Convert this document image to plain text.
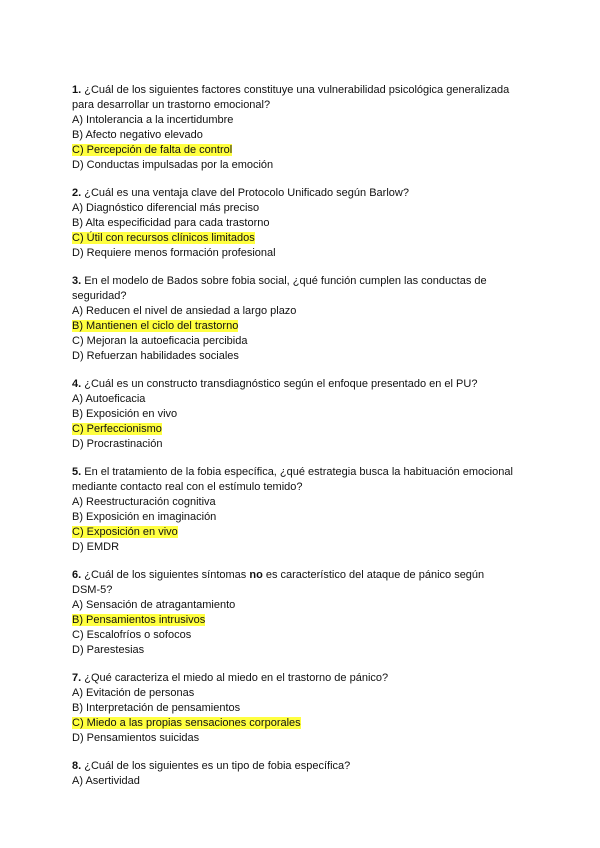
1. ¿Cuál de los siguientes factores constituye una vulnerabilidad psicológica generalizada
para desarrollar un trastorno emocional?
A) Intolerancia a la incertidumbre
B) Afecto negativo elevado
C) Percepción de falta de control
D) Conductas impulsadas por la emoción
2. ¿Cuál es una ventaja clave del Protocolo Unificado según Barlow?
A) Diagnóstico diferencial más preciso
B) Alta especificidad para cada trastorno
C) Útil con recursos clínicos limitados
D) Requiere menos formación profesional
3. En el modelo de Bados sobre fobia social, ¿qué función cumplen las conductas de
seguridad?
A) Reducen el nivel de ansiedad a largo plazo
B) Mantienen el ciclo del trastorno
C) Mejoran la autoeficacia percibida
D) Refuerzan habilidades sociales
4. ¿Cuál es un constructo transdiagnóstico según el enfoque presentado en el PU?
A) Autoeficacia
B) Exposición en vivo
C) Perfeccionismo
D) Procrastinación
5. En el tratamiento de la fobia específica, ¿qué estrategia busca la habituación emocional
mediante contacto real con el estímulo temido?
A) Reestructuración cognitiva
B) Exposición en imaginación
C) Exposición en vivo
D) EMDR
6. ¿Cuál de los siguientes síntomas no es característico del ataque de pánico según
DSM-5?
A) Sensación de atragantamiento
B) Pensamientos intrusivos
C) Escalofríos o sofocos
D) Parestesias
7. ¿Qué caracteriza el miedo al miedo en el trastorno de pánico?
A) Evitación de personas
B) Interpretación de pensamientos
C) Miedo a las propias sensaciones corporales
D) Pensamientos suicidas
8. ¿Cuál de los siguientes es un tipo de fobia específica?
A) Asertividad
